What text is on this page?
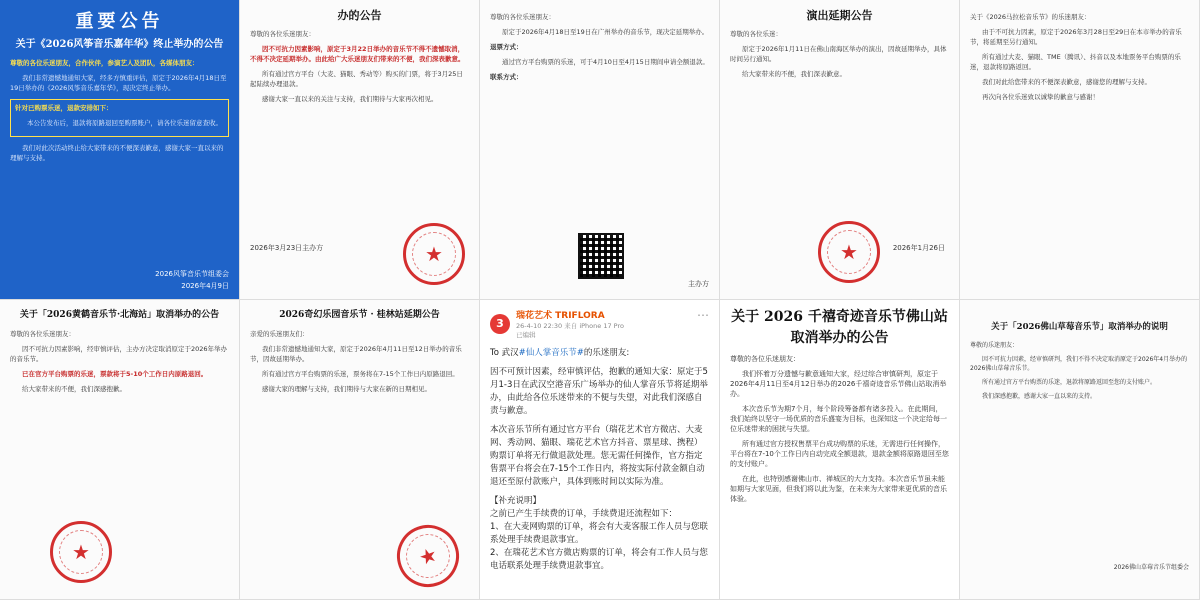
重要公告
关于《2026风筝音乐嘉年华》终止举办的公告
尊敬的各位乐迷朋友，合作伙伴，参演艺人及团队，各媒体朋友：
我们非常遗憾地通知大家，经多方慎重评估，原定于2026年4月18日至19日举办的《2026风筝音乐嘉年华》，现决定终止举办。
针对已购票乐迷，退款安排如下：
本公告发布后，退款将原路退回至购票账户，请各位乐迷留意查收。
我们对此次活动终止给大家带来的不便深表歉意，感谢大家一直以来的理解与支持。
2026风筝音乐节组委会
2026年4月9日
办的公告
尊敬的各位乐迷朋友：
因不可抗力因素影响，原定于3月22日举办的音乐节不得不遗憾取消，不得不决定延期举办。由此给广大乐迷朋友们带来的不便，我们深表歉意。
所有通过官方平台（大麦、猫眼、秀动等）购买的门票，将于3月25日起陆续办理退款。
感谢大家一直以来的关注与支持，我们期待与大家再次相见。
2026年3月23日主办方	★
尊敬的各位乐迷朋友：
原定于2026年4月18日至19日在广州举办的音乐节，现决定延期举办。
退票方式：
通过官方平台购票的乐迷，可于4月10日至4月15日期间申请全额退款。
联系方式：
主办方
演出延期公告
尊敬的各位乐迷：
原定于2026年1月11日在佛山南海区举办的演出，因故延期举办，具体时间另行通知。
给大家带来的不便，我们深表歉意。
2026年1月26日
★
关于《2026马拉松音乐节》的乐迷朋友：
由于不可抗力因素，原定于2026年3月28日至29日在本市举办的音乐节，将延期至另行通知。
所有通过大麦、猫眼、TME（腾讯）、抖音以及本地票务平台购票的乐迷，退款将原路返回。
我们对此给您带来的不便深表歉意，感谢您的理解与支持。
再次向各位乐迷致以诚挚的歉意与感谢！
关于「2026黄鹤音乐节·北海站」取消举办的公告
尊敬的各位乐迷朋友：
因不可抗力因素影响，经审慎评估，主办方决定取消原定于2026年举办的音乐节。
已在官方平台购票的乐迷，票款将于5-10个工作日内原路退回。
给大家带来的不便，我们深感抱歉。
★
2026奇幻乐园音乐节 · 桂林站延期公告
亲爱的乐迷朋友们：
我们非常遗憾地通知大家，原定于2026年4月11日至12日举办的音乐节，因故延期举办。
所有通过官方平台购票的乐迷，票务将在7-15个工作日内原路退回。
感谢大家的理解与支持，我们期待与大家在新的日期相见。
★
3
瑞花艺术 TRIFLORA
26-4-10 22:30 来自 iPhone 17 Pro
已编辑
⋯

To 武汉#仙人掌音乐节#的乐迷朋友:

因不可预计因素，经审慎评估，抱歉的通知大家：原定于5月1-3日在武汉空港音乐广场举办的仙人掌音乐节将延期举办，由此给各位乐迷带来的不便与失望，对此我们深感自责与歉意。

本次音乐节所有通过官方平台（瑞花艺术官方微店、大麦网、秀动网、猫眼、瑞花艺术官方抖音、票星球、携程）购票订单将无行做退款处理。您无需任何操作，官方指定售票平台将会在7-15个工作日内，将按实际付款金额自动退还至原付款账户，具体到账时间以实际为准。

【补充说明】

之前已产生手续费的订单，手续费退还流程如下：

1、在大麦网购票的订单，将会有大麦客服工作人员与您联系处理手续费退款事宜。

2、在瑞花艺术官方微店购票的订单，将会有工作人员与您电话联系处理手续费退款事宜。

关于 2026 千禧奇迹音乐节佛山站
取消举办的公告
尊敬的各位乐迷朋友：
我们怀着万分遗憾与歉意通知大家，经过综合审慎研判，原定于2026年4月11日至4月12日举办的2026千禧奇迹音乐节佛山站取消举办。
本次音乐节为期7个月，每个阶段筹备都有诸多投入。在此期间，我们始终以坚守一场优质的音乐盛宴为目标，也深知这一个决定给每一位乐迷带来的困扰与失望。
所有通过官方授权售票平台成功购票的乐迷，无需进行任何操作，平台将在7-10个工作日内自动完成全额退款，退款金额将原路退回至您的支付账户。
在此，也特别感谢佛山市、禅城区的大力支持。本次音乐节虽未能如期与大家见面，但我们将以此为鉴，在未来为大家带来更优质的音乐体验。
关于「2026佛山草莓音乐节」取消举办的说明
尊敬的乐迷朋友：
因不可抗力因素，经审慎研判，我们不得不决定取消原定于2026年4月举办的2026佛山草莓音乐节。
所有通过官方平台购票的乐迷，退款将原路返回至您的支付账户。
我们深感抱歉，感谢大家一直以来的支持。
2026佛山草莓音乐节组委会
